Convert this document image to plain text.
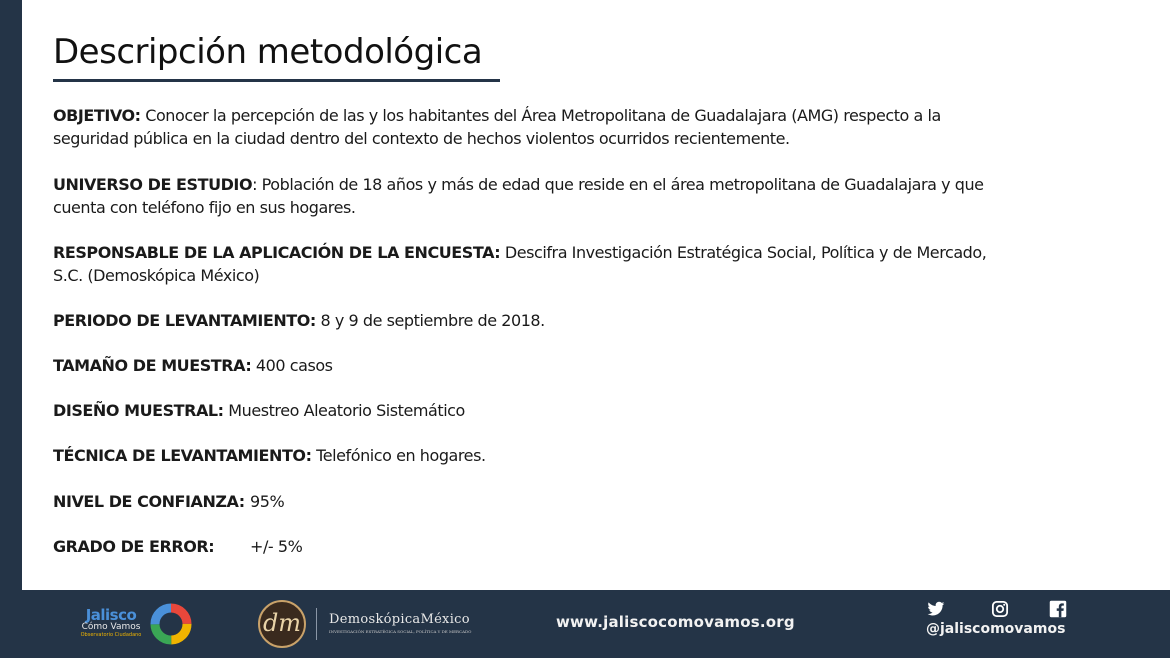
Descripción metodológica

OBJETIVO: Conocer la percepción de las y los habitantes del Área Metropolitana de Guadalajara (AMG) respecto a la seguridad pública en la ciudad dentro del contexto de hechos violentos ocurridos recientemente.

UNIVERSO DE ESTUDIO: Población de 18 años y más de edad que reside en el área metropolitana de Guadalajara y que cuenta con teléfono fijo en sus hogares.

RESPONSABLE DE LA APLICACIÓN DE LA ENCUESTA: Descifra Investigación Estratégica Social, Política y de Mercado, S.C. (Demoskópica México)

PERIODO DE LEVANTAMIENTO: 8 y 9 de septiembre de 2018.

TAMAÑO DE MUESTRA: 400 casos

DISEÑO MUESTRAL: Muestreo Aleatorio Sistemático

TÉCNICA DE LEVANTAMIENTO: Telefónico en hogares.

NIVEL DE CONFIANZA: 95%

GRADO DE ERROR: +/- 5%

Jalisco
Cómo Vamos
Observatorio Ciudadano	dm	DemoskópicaMéxico
INVESTIGACIÓN ESTRATÉGICA SOCIAL, POLÍTICA Y DE MERCADO
www.jaliscocomovamos.org	@jaliscomovamos
